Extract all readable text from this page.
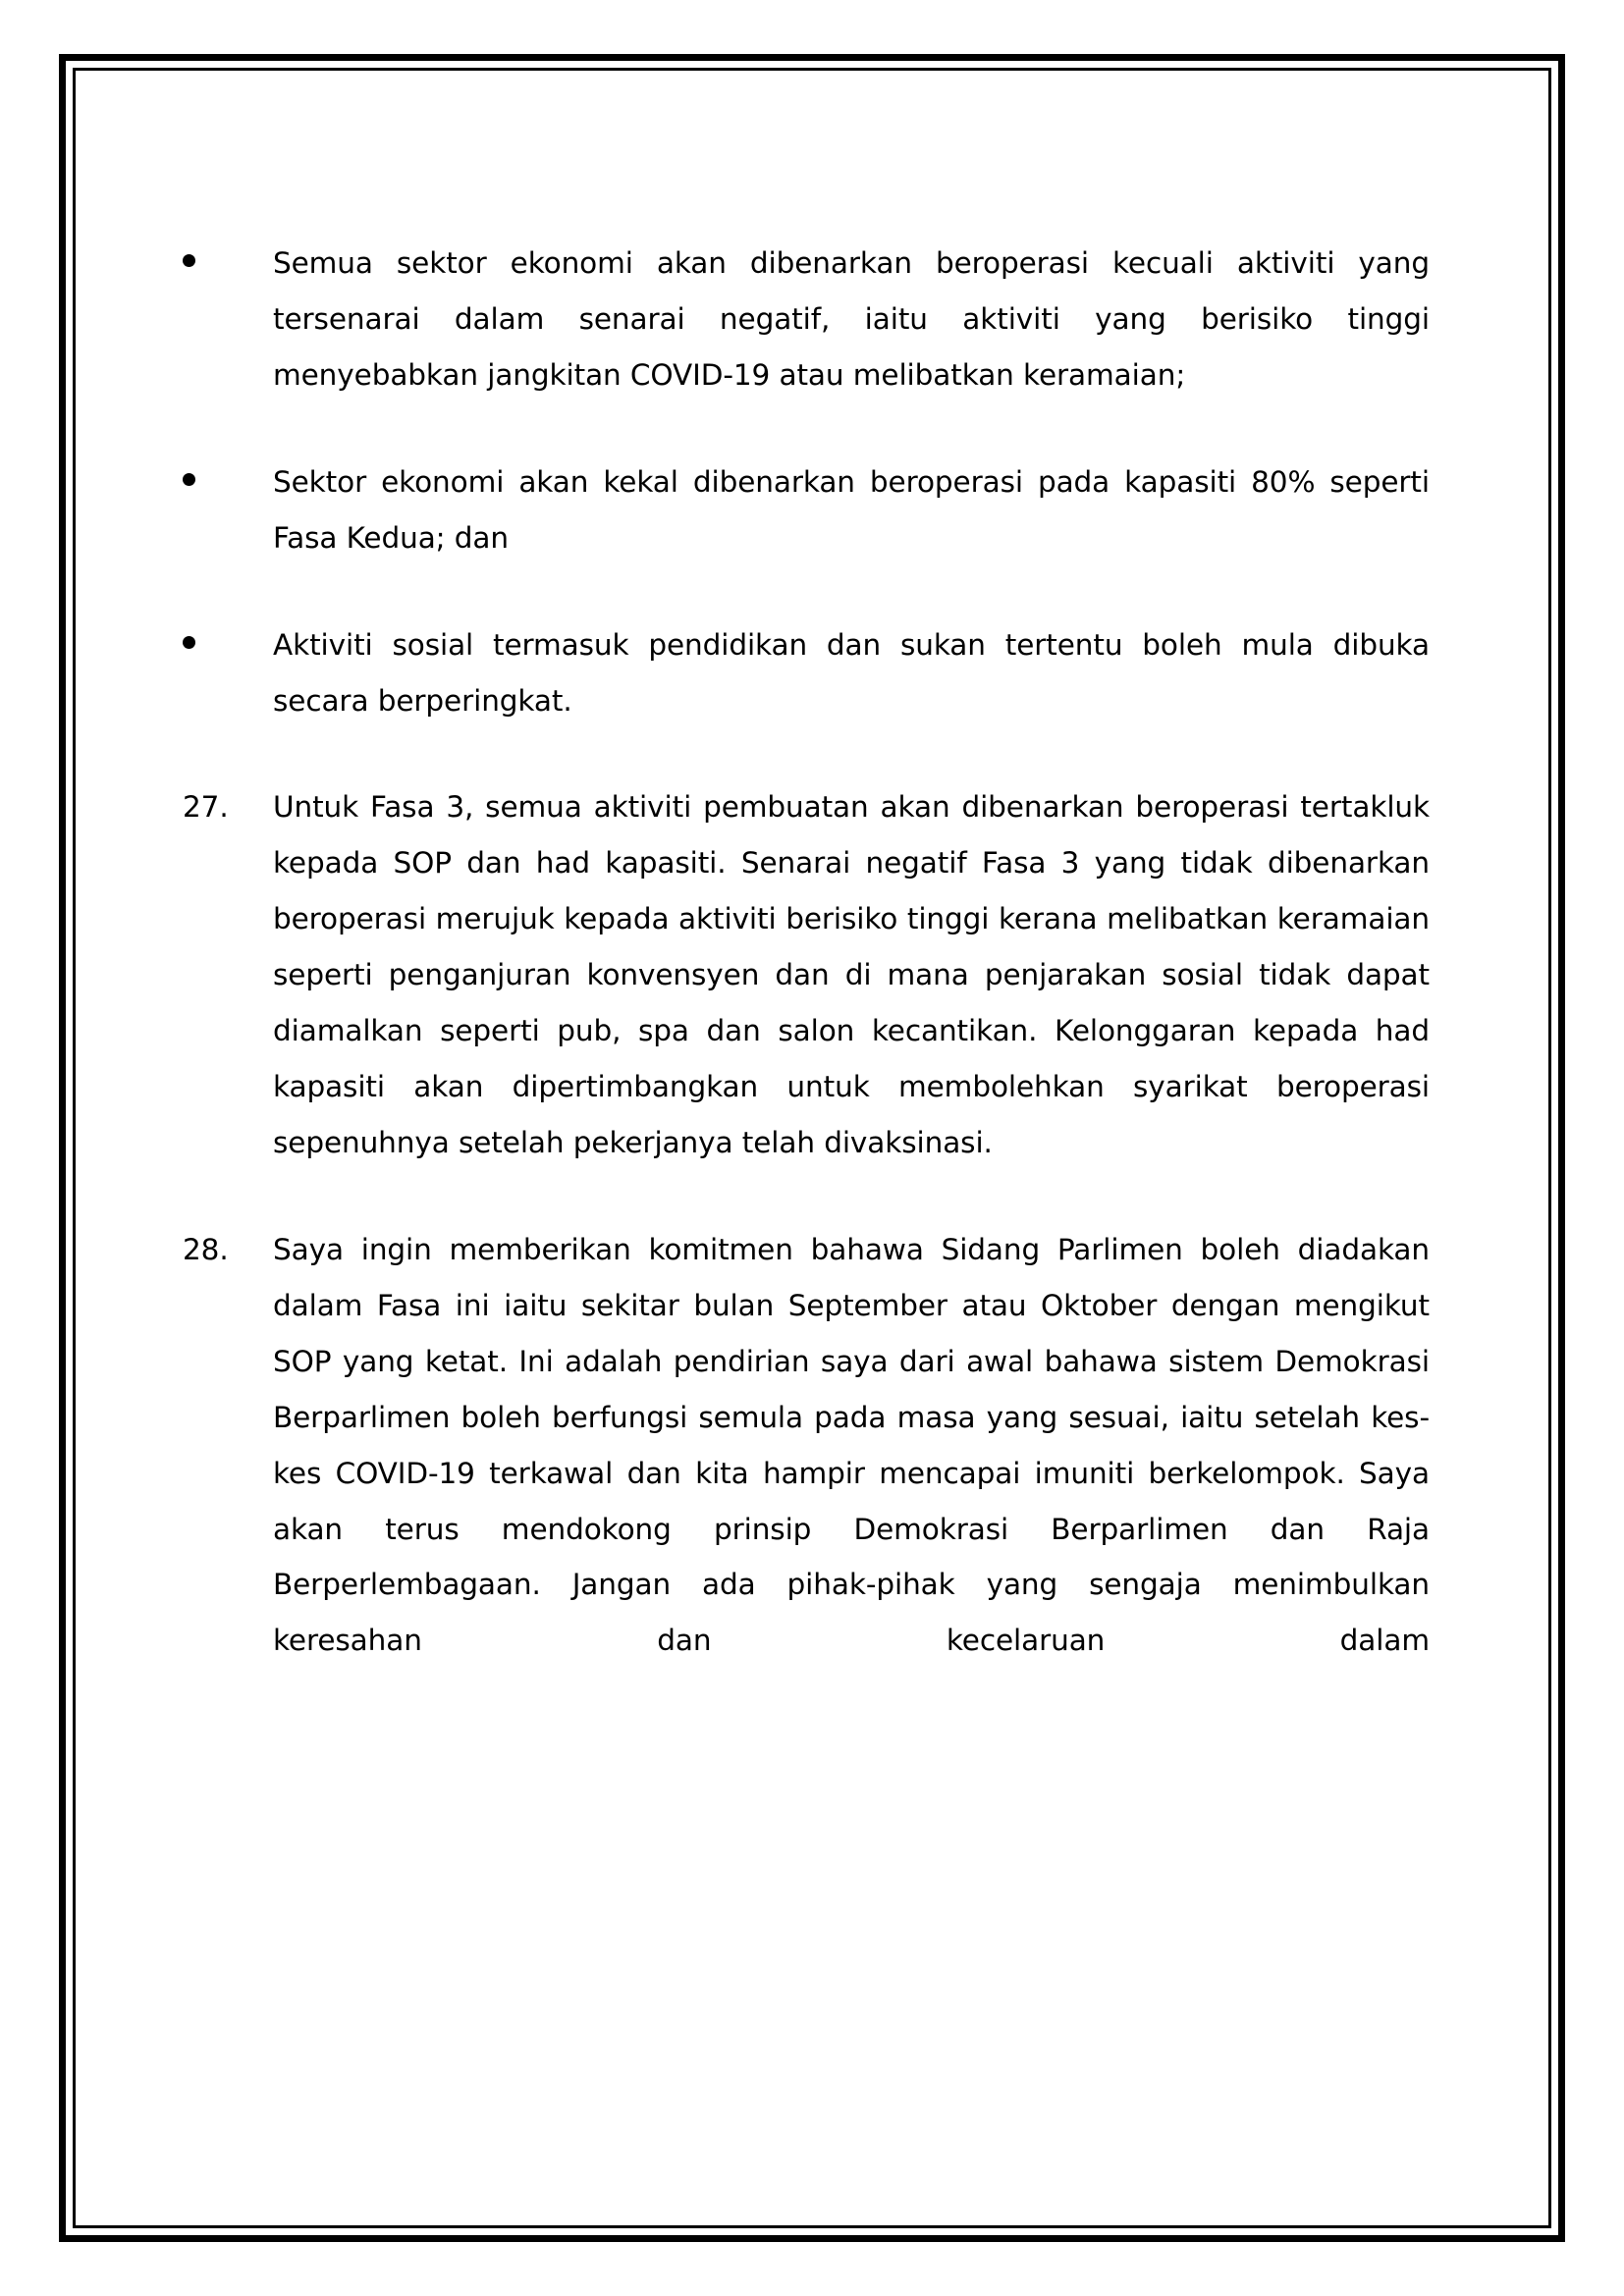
Semua sektor ekonomi akan dibenarkan beroperasi kecuali aktiviti yang tersenarai dalam senarai negatif, iaitu aktiviti yang berisiko tinggi menyebabkan jangkitan COVID-19 atau melibatkan keramaian;

Sektor ekonomi akan kekal dibenarkan beroperasi pada kapasiti 80% seperti Fasa Kedua; dan

Aktiviti sosial termasuk pendidikan dan sukan tertentu boleh mula dibuka secara berperingkat.

27.	Untuk Fasa 3, semua aktiviti pembuatan akan dibenarkan beroperasi tertakluk kepada SOP dan had kapasiti. Senarai negatif Fasa 3 yang tidak dibenarkan beroperasi merujuk kepada aktiviti berisiko tinggi kerana melibatkan keramaian seperti penganjuran konvensyen dan di mana penjarakan sosial tidak dapat diamalkan seperti pub, spa dan salon kecantikan. Kelonggaran kepada had kapasiti akan dipertimbangkan untuk membolehkan syarikat beroperasi sepenuhnya setelah pekerjanya telah divaksinasi.

28.	Saya ingin memberikan komitmen bahawa Sidang Parlimen boleh diadakan dalam Fasa ini iaitu sekitar bulan September atau Oktober dengan mengikut SOP yang ketat. Ini adalah pendirian saya dari awal bahawa sistem Demokrasi Berparlimen boleh berfungsi semula pada masa yang sesuai, iaitu setelah kes-kes COVID-19 terkawal dan kita hampir mencapai imuniti berkelompok. Saya akan terus mendokong prinsip Demokrasi Berparlimen dan Raja Berperlembagaan. Jangan ada pihak-pihak yang sengaja menimbulkan keresahan dan kecelaruan dalam
